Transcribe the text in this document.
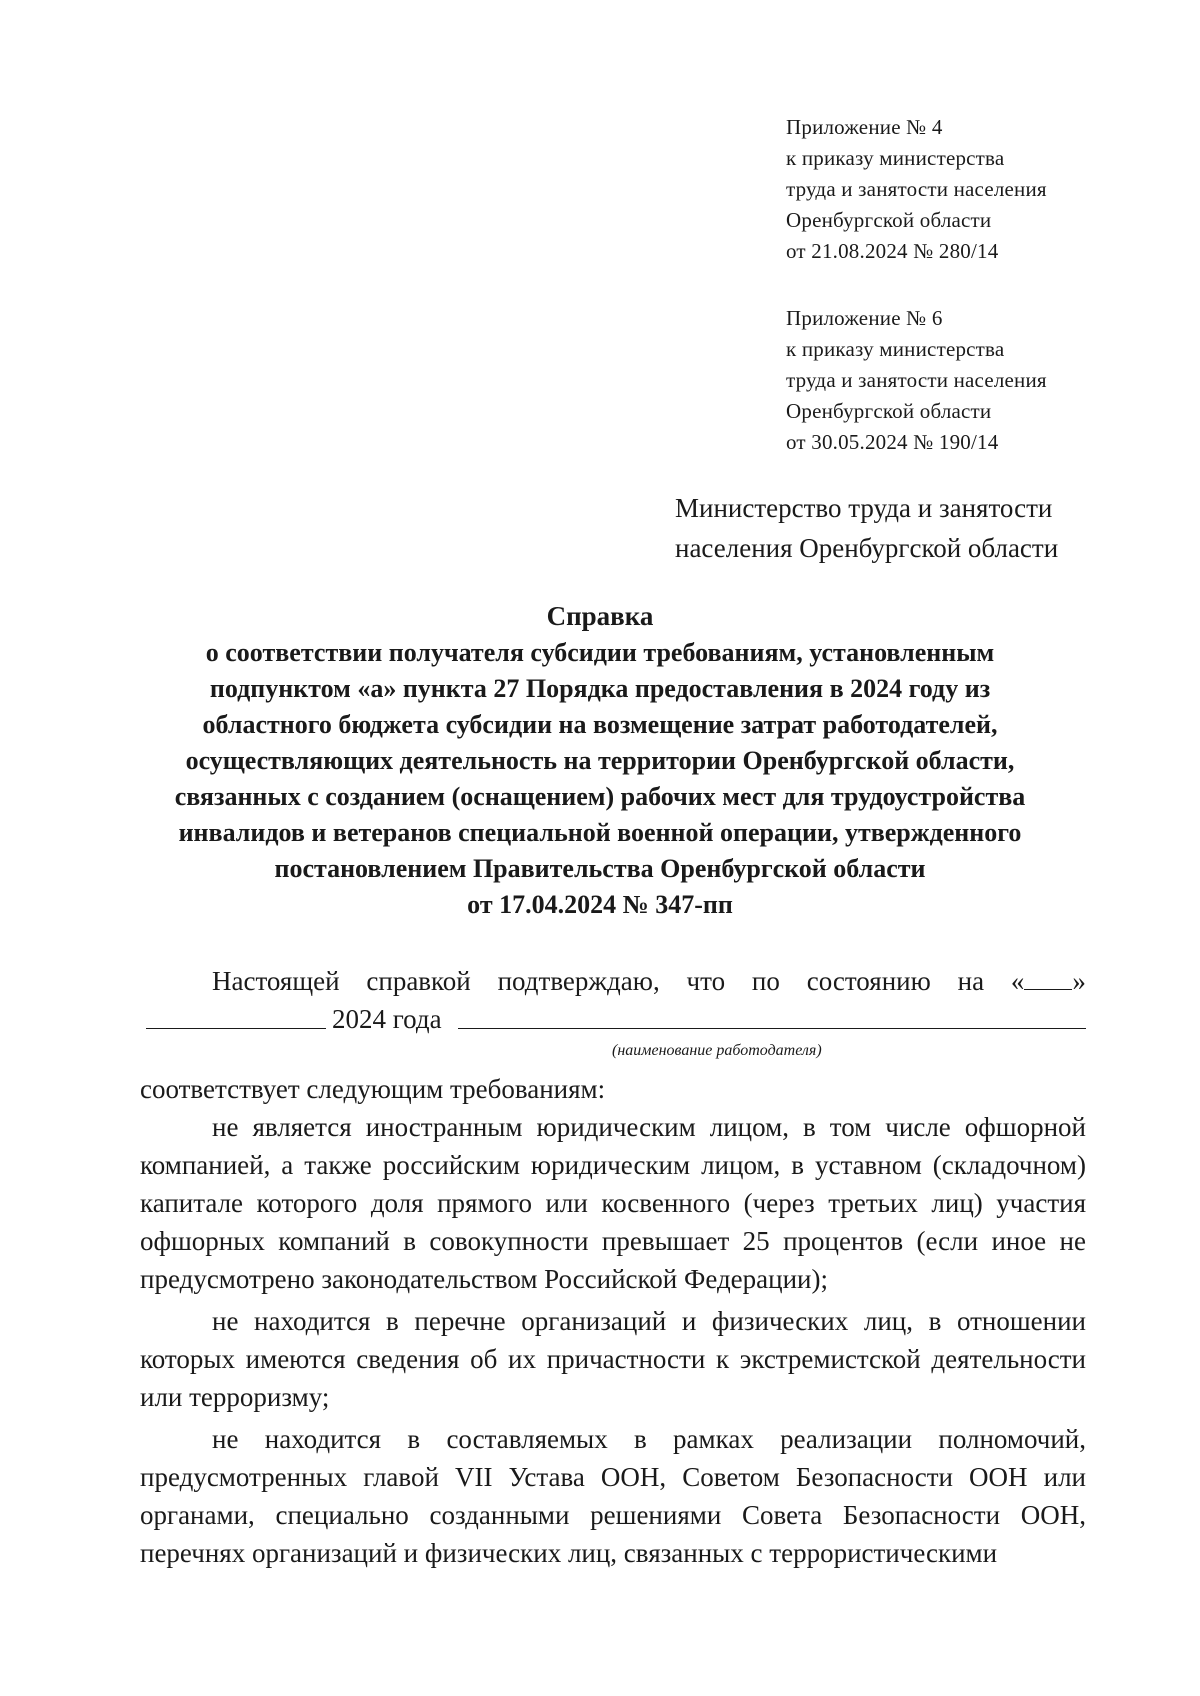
Приложение № 4
к приказу министерства
труда и занятости населения
Оренбургской области
от 21.08.2024 № 280/14
Приложение № 6
к приказу министерства
труда и занятости населения
Оренбургской области
от 30.05.2024 № 190/14
Министерство труда и занятости
населения Оренбургской области
Справка
о соответствии получателя субсидии требованиям, установленным
подпунктом «а» пункта 27 Порядка предоставления в 2024 году из
областного бюджета субсидии на возмещение затрат работодателей,
осуществляющих деятельность на территории Оренбургской области,
связанных с созданием (оснащением) рабочих мест для трудоустройства
инвалидов и ветеранов специальной военной операции, утвержденного
постановлением Правительства Оренбургской области
от 17.04.2024 № 347-пп
Настоящей справкой подтверждаю, что по состоянию на « »
2024 года
(наименование работодателя)

соответствует следующим требованиям:

не является иностранным юридическим лицом, в том числе офшорной компанией, а также российским юридическим лицом, в уставном (складочном) капитале которого доля прямого или косвенного (через третьих лиц) участия офшорных компаний в совокупности превышает 25 процентов (если иное не предусмотрено законодательством Российской Федерации);

не находится в перечне организаций и физических лиц, в отношении которых имеются сведения об их причастности к экстремистской деятельности или терроризму;

не находится в составляемых в рамках реализации полномочий, предусмотренных главой VII Устава ООН, Советом Безопасности ООН или органами, специально созданными решениями Совета Безопасности ООН, перечнях организаций и физических лиц, связанных с террористическими
